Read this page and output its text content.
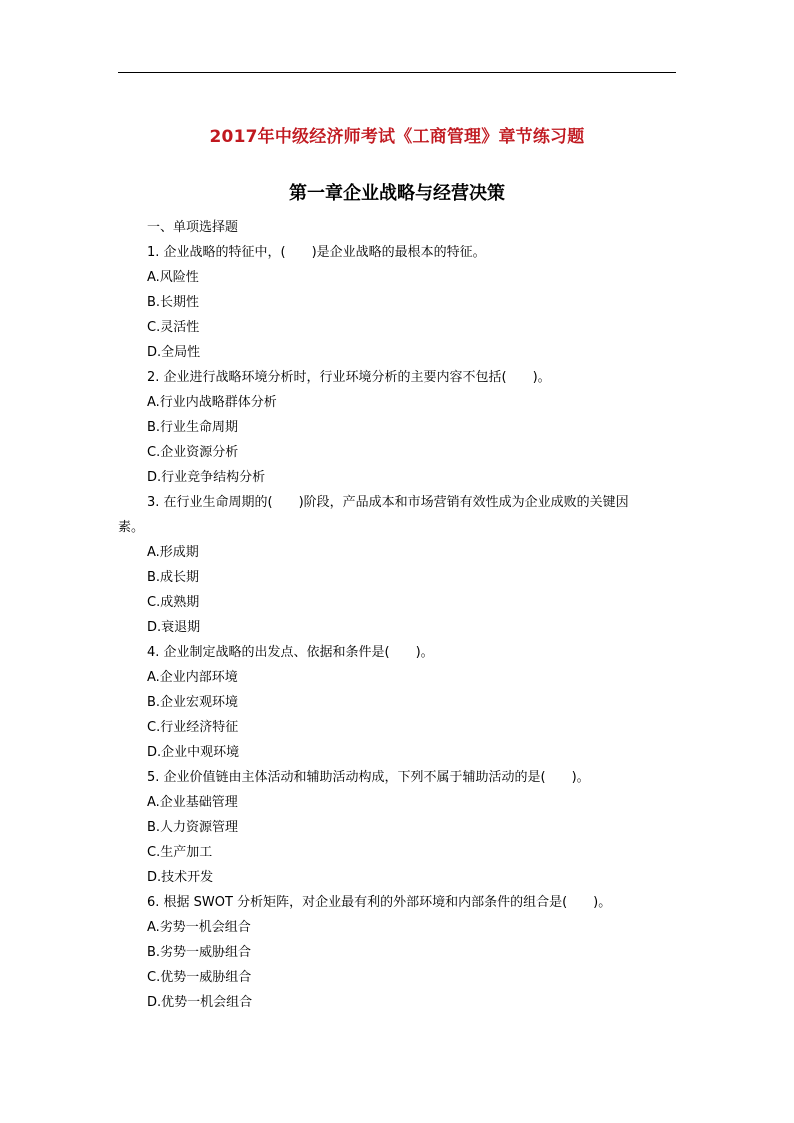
2017年中级经济师考试《工商管理》章节练习题
第一章企业战略与经营决策
一、单项选择题
1. 企业战略的特征中，(　　)是企业战略的最根本的特征。
A.风险性
B.长期性
C.灵活性
D.全局性
2. 企业进行战略环境分析时，行业环境分析的主要内容不包括(　　)。
A.行业内战略群体分析
B.行业生命周期
C.企业资源分析
D.行业竞争结构分析
3. 在行业生命周期的(　　)阶段，产品成本和市场营销有效性成为企业成败的关键因
素。
A.形成期
B.成长期
C.成熟期
D.衰退期
4. 企业制定战略的出发点、依据和条件是(　　)。
A.企业内部环境
B.企业宏观环境
C.行业经济特征
D.企业中观环境
5. 企业价值链由主体活动和辅助活动构成，下列不属于辅助活动的是(　　)。
A.企业基础管理
B.人力资源管理
C.生产加工
D.技术开发
6. 根据 SWOT 分析矩阵，对企业最有利的外部环境和内部条件的组合是(　　)。
A.劣势一机会组合
B.劣势一威胁组合
C.优势一威胁组合
D.优势一机会组合
